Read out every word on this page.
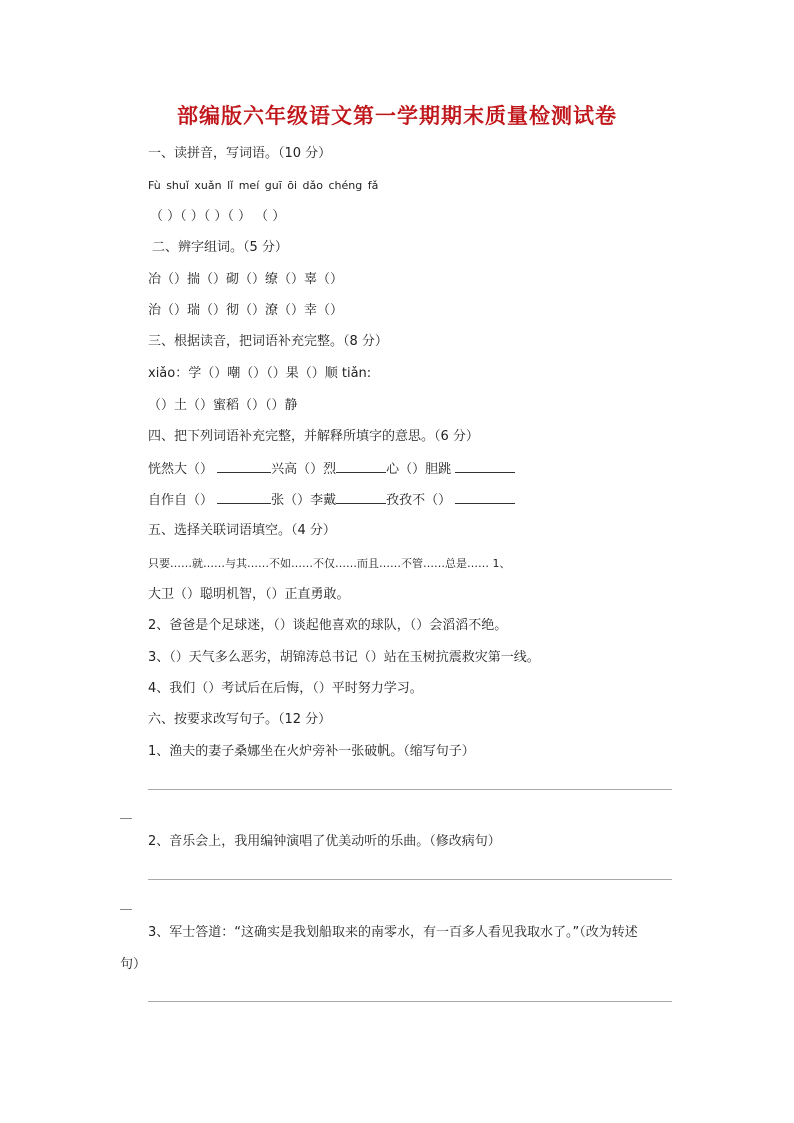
部编版六年级语文第一学期期末质量检测试卷
一、读拼音，写词语。（10 分）
Fù shuǐ xuǎn lǐ meí guī ōi dǎo chéng fǎ
（ ）（ ）（ ）（ ） （ ）
二、辨字组词。（5 分）
冶（）揣（）砌（）缭（）辜（）
治（）瑞（）彻（）潦（）幸（）
三、根据读音，把词语补充完整。（8 分）
xiǎo：学（）嘲（）（）果（）顺 tiǎn:
（）土（）蜜稻（）（）静
四、把下列词语补充完整，并解释所填字的意思。（6 分）
恍然大（）	兴高（）烈	心（）胆跳
自作自（）	张（）李戴	孜孜不（）
五、选择关联词语填空。（4 分）
只要……就……与其……不如……不仅……而且……不管……总是…… 1、
大卫（）聪明机智，（）正直勇敢。
2、爸爸是个足球迷，（）谈起他喜欢的球队，（）会滔滔不绝。
3、（）天气多么恶劣，胡锦涛总书记（）站在玉树抗震救灾第一线。
4、我们（）考试后在后悔，（）平时努力学习。
六、按要求改写句子。（12 分）
1、渔夫的妻子桑娜坐在火炉旁补一张破帆。（缩写句子）
2、音乐会上，我用编钟演唱了优美动听的乐曲。（修改病句）
3、军士答道：“这确实是我划船取来的南零水，有一百多人看见我取水了。”（改为转述
句）
